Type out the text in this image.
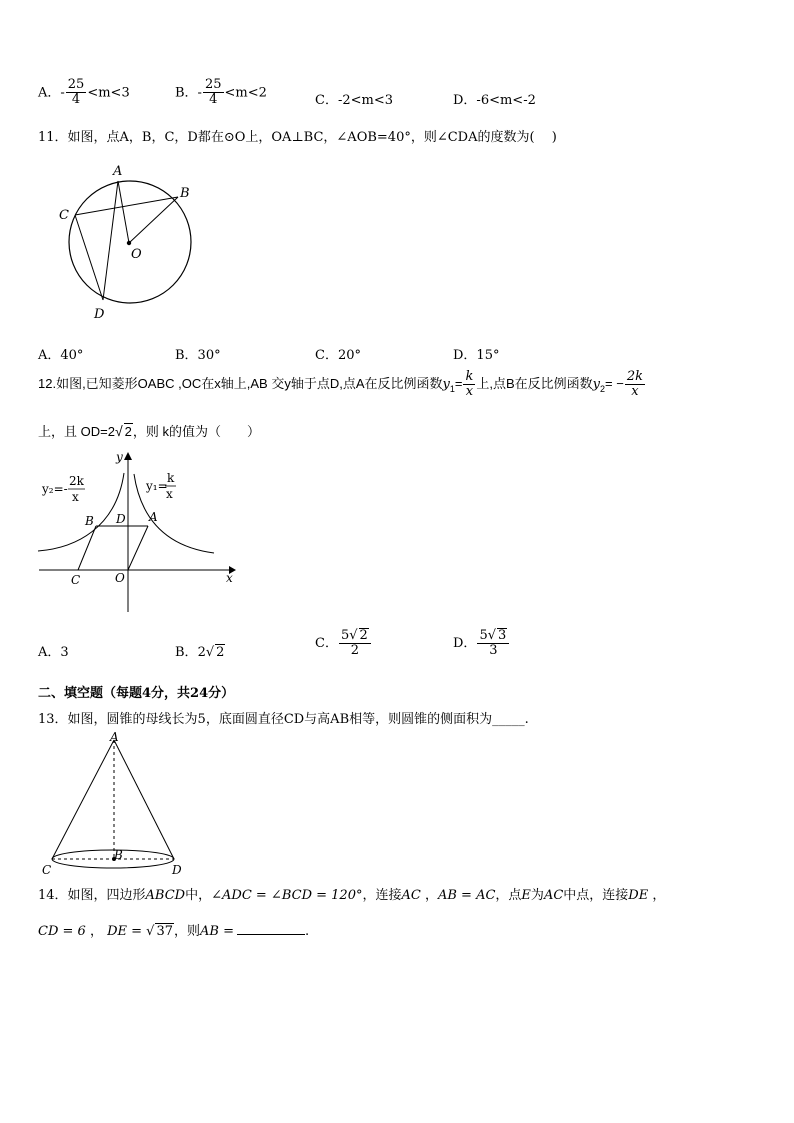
A．- $\frac{25}{4} <m<3$	B．- $\frac{25}{4} <m<2$
C．-2<m<3	D．-6<m<-2
11．如图，点A，B，C，D都在⊙O上，OA⊥BC，∠AOB=40°，则∠CDA的度数为(　 )
A
B
C
D
O
A．40°	B．30°	C．20°	D．15°
12.如图,已知菱形OABC ,OC在x轴上,AB 交y轴于点D,点A在反比例函数$y_1= \frac{k}{x}$ 上,点B在反比例函数$y_2= - \frac{2k}{x}$
上，且 OD=2√ 2，则 k的值为（　　）
y₂=-
2k
x
y₁=
k
x
B D A
C	O	x
y
A．3	B．2√ 2
C． $\frac{5√ 2}{2}$	D． $\frac{5√ 3}{3}$
二、填空题（每题4分，共24分）
13．如图，圆锥的母线长为5，底面圆直径CD与高AB相等，则圆锥的侧面积为_____.
A
B
C	D
14．如图，四边形ABCD中，∠ADC = ∠BCD = 120°，连接AC ，AB = AC，点E为AC中点，连接DE ，
CD = 6 ， DE = √ 37，则AB =	.
